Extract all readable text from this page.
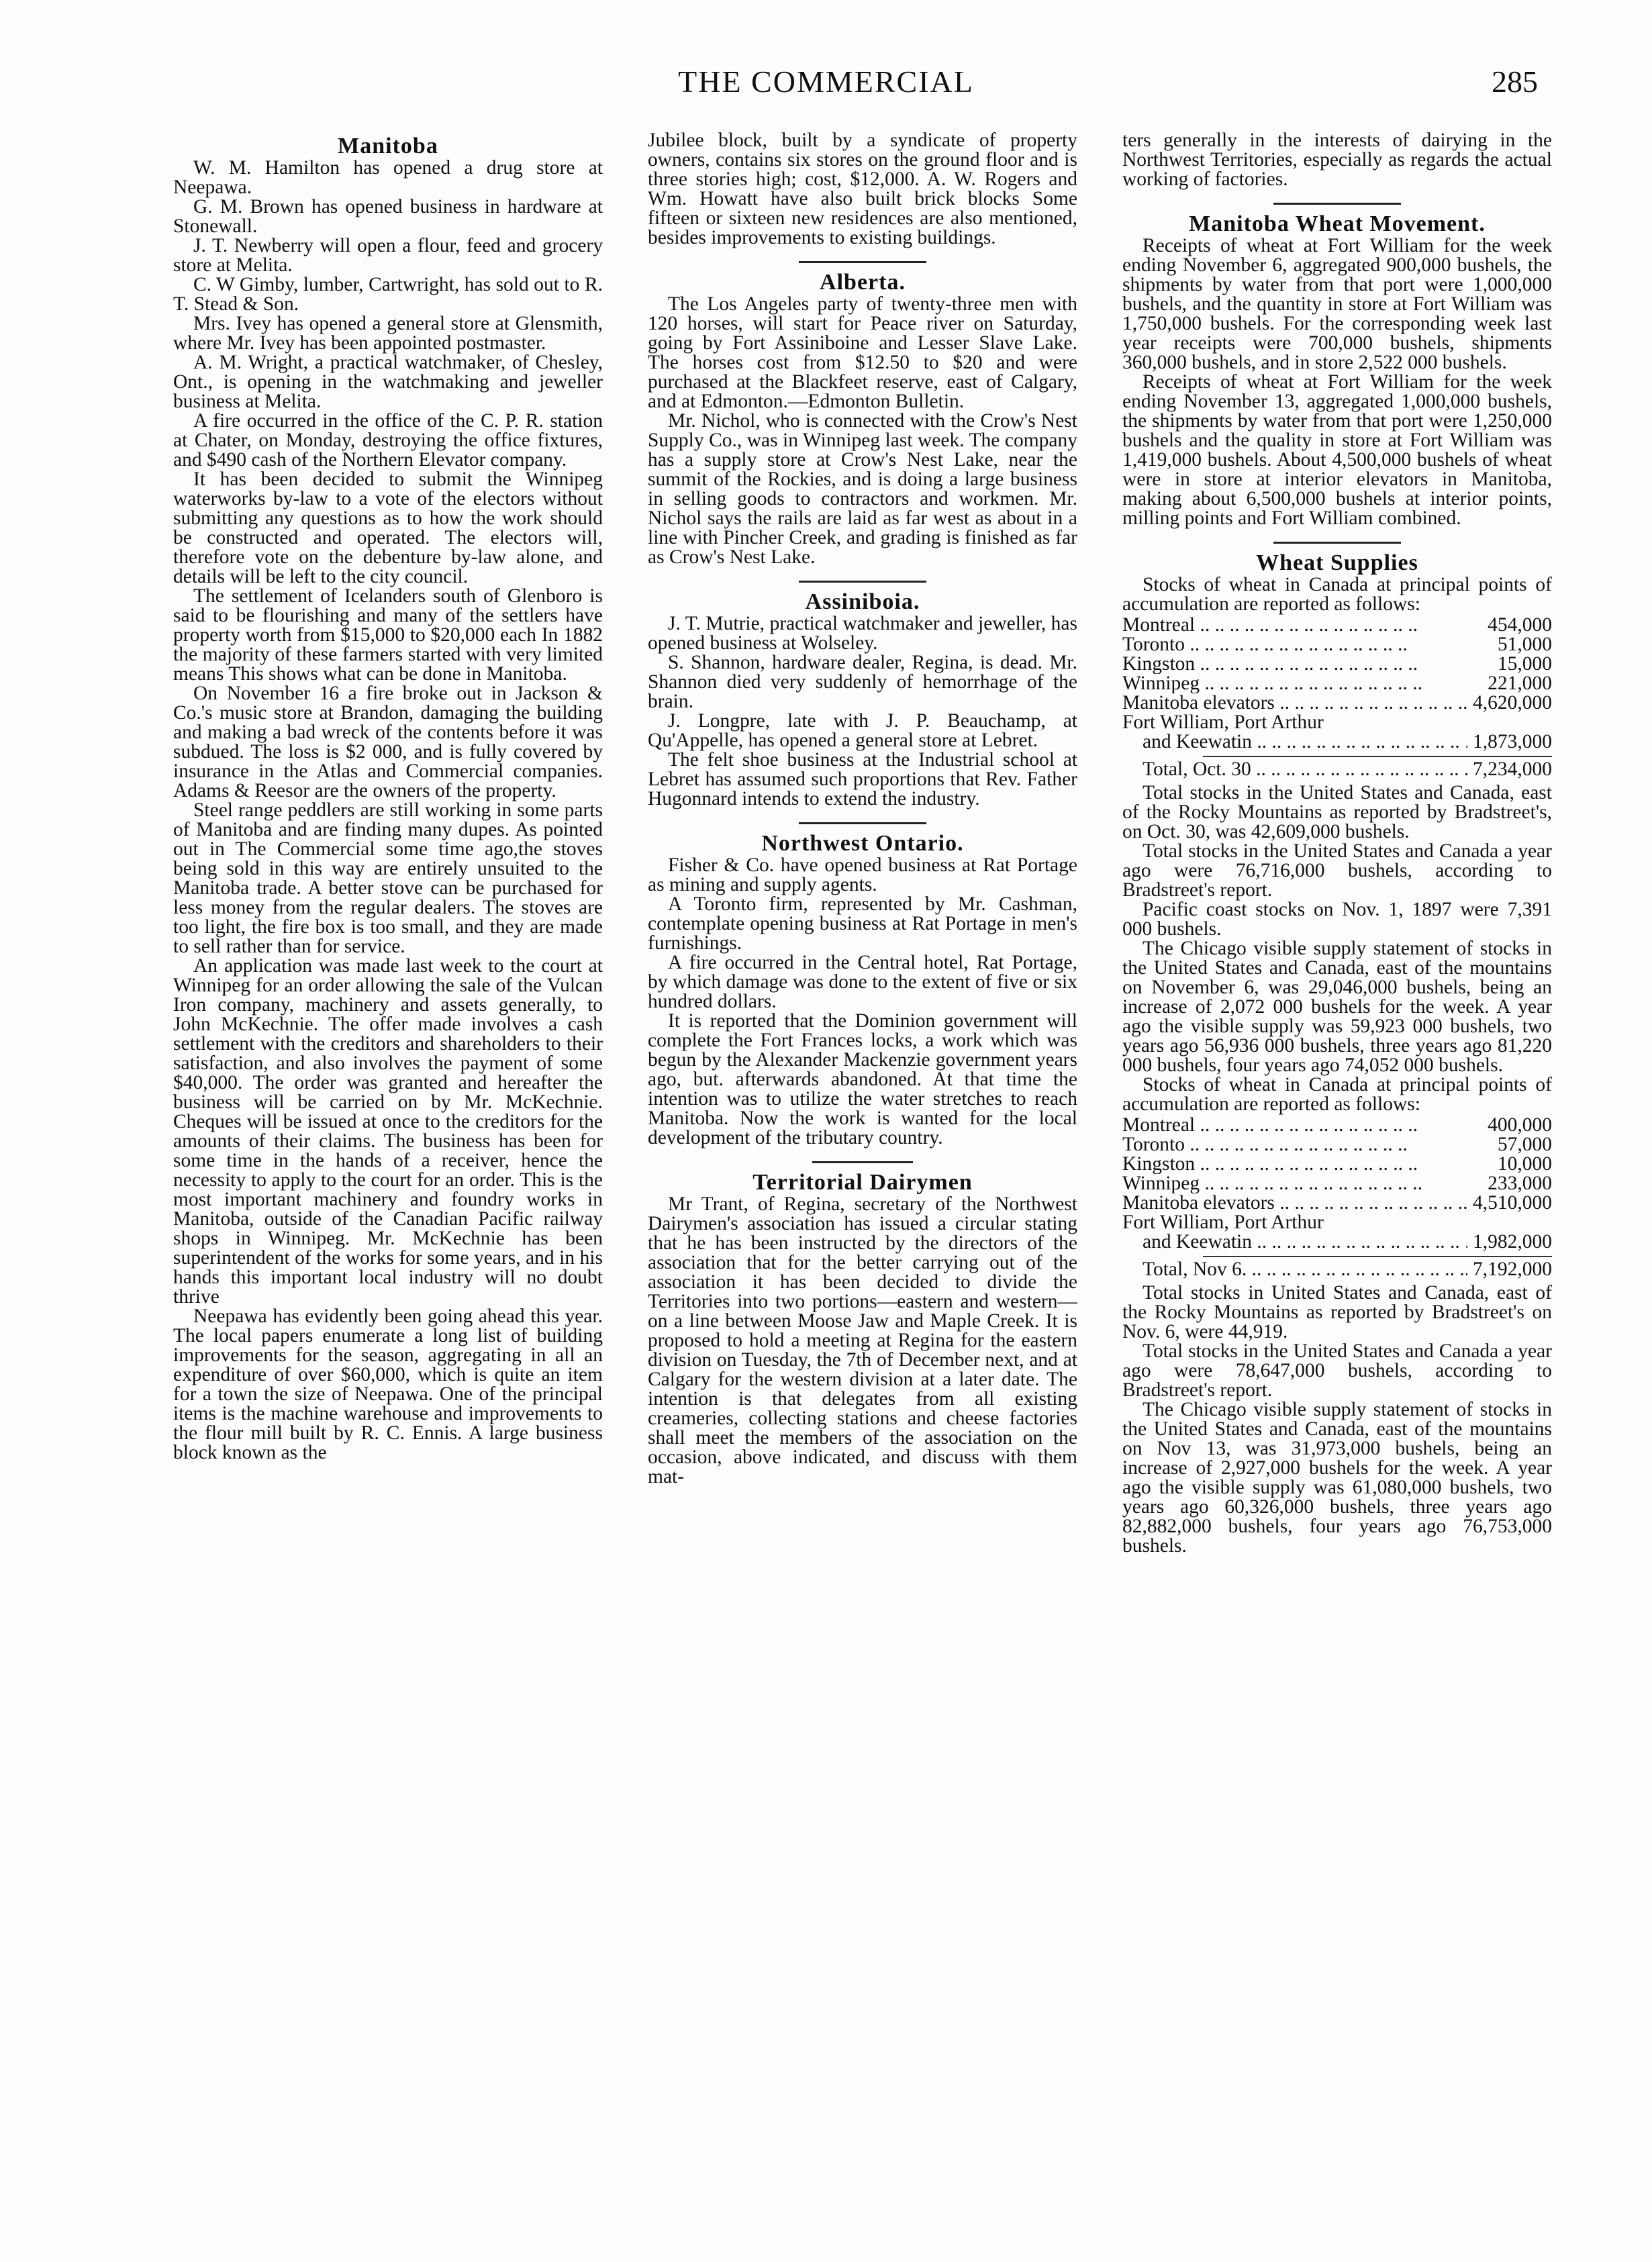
THE COMMERCIAL	285
Manitoba

W. M. Hamilton has opened a drug store at Neepawa.

G. M. Brown has opened business in hardware at Stonewall.

J. T. Newberry will open a flour, feed and grocery store at Melita.

C. W Gimby, lumber, Cartwright, has sold out to R. T. Stead & Son.

Mrs. Ivey has opened a general store at Glensmith, where Mr. Ivey has been appointed postmaster.

A. M. Wright, a practical watchmaker, of Chesley, Ont., is opening in the watchmaking and jeweller business at Melita.

A fire occurred in the office of the C. P. R. station at Chater, on Monday, destroying the office fixtures, and $490 cash of the Northern Elevator company.

It has been decided to submit the Winnipeg waterworks by-law to a vote of the electors without submitting any questions as to how the work should be constructed and operated. The electors will, therefore vote on the debenture by-law alone, and details will be left to the city council.

The settlement of Icelanders south of Glenboro is said to be flourishing and many of the settlers have property worth from $15,000 to $20,000 each In 1882 the majority of these farmers started with very limited means This shows what can be done in Manitoba.

On November 16 a fire broke out in Jackson & Co.'s music store at Brandon, damaging the building and making a bad wreck of the contents before it was subdued. The loss is $2 000, and is fully covered by insurance in the Atlas and Commercial companies. Adams & Reesor are the owners of the property.

Steel range peddlers are still working in some parts of Manitoba and are finding many dupes. As pointed out in The Commercial some time ago,the stoves being sold in this way are entirely unsuited to the Manitoba trade. A better stove can be purchased for less money from the regular dealers. The stoves are too light, the fire box is too small, and they are made to sell rather than for service.

An application was made last week to the court at Winnipeg for an order allowing the sale of the Vulcan Iron company, machinery and assets generally, to John McKechnie. The offer made involves a cash settlement with the creditors and shareholders to their satisfaction, and also involves the payment of some $40,000. The order was granted and hereafter the business will be carried on by Mr. McKechnie. Cheques will be issued at once to the creditors for the amounts of their claims. The business has been for some time in the hands of a receiver, hence the necessity to apply to the court for an order. This is the most important machinery and foundry works in Manitoba, outside of the Canadian Pacific railway shops in Winnipeg. Mr. McKechnie has been superintendent of the works for some years, and in his hands this important local industry will no doubt thrive

Neepawa has evidently been going ahead this year. The local papers enumerate a long list of building improvements for the season, aggregating in all an expenditure of over $60,000, which is quite an item for a town the size of Neepawa. One of the principal items is the machine warehouse and improvements to the flour mill built by R. C. Ennis. A large business block known as the

Jubilee block, built by a syndicate of property owners, contains six stores on the ground floor and is three stories high; cost, $12,000. A. W. Rogers and Wm. Howatt have also built brick blocks Some fifteen or sixteen new residences are also mentioned, besides improvements to existing buildings.

Alberta.

The Los Angeles party of twenty-three men with 120 horses, will start for Peace river on Saturday, going by Fort Assiniboine and Lesser Slave Lake. The horses cost from $12.50 to $20 and were purchased at the Blackfeet reserve, east of Calgary, and at Edmonton.—Edmonton Bulletin.

Mr. Nichol, who is connected with the Crow's Nest Supply Co., was in Winnipeg last week. The company has a supply store at Crow's Nest Lake, near the summit of the Rockies, and is doing a large business in selling goods to contractors and workmen. Mr. Nichol says the rails are laid as far west as about in a line with Pincher Creek, and grading is finished as far as Crow's Nest Lake.

Assiniboia.

J. T. Mutrie, practical watchmaker and jeweller, has opened business at Wolseley.

S. Shannon, hardware dealer, Regina, is dead. Mr. Shannon died very suddenly of hemorrhage of the brain.

J. Longpre, late with J. P. Beauchamp, at Qu'Appelle, has opened a general store at Lebret.

The felt shoe business at the Industrial school at Lebret has assumed such proportions that Rev. Father Hugonnard intends to extend the industry.

Northwest Ontario.

Fisher & Co. have opened business at Rat Portage as mining and supply agents.

A Toronto firm, represented by Mr. Cashman, contemplate opening business at Rat Portage in men's furnishings.

A fire occurred in the Central hotel, Rat Portage, by which damage was done to the extent of five or six hundred dollars.

It is reported that the Dominion government will complete the Fort Frances locks, a work which was begun by the Alexander Mackenzie government years ago, but. afterwards abandoned. At that time the intention was to utilize the water stretches to reach Manitoba. Now the work is wanted for the local development of the tributary country.

Territorial Dairymen

Mr Trant, of Regina, secretary of the Northwest Dairymen's association has issued a circular stating that he has been instructed by the directors of the association that for the better carrying out of the association it has been decided to divide the Territories into two portions—eastern and western—on a line between Moose Jaw and Maple Creek. It is proposed to hold a meeting at Regina for the eastern division on Tuesday, the 7th of December next, and at Calgary for the western division at a later date. The intention is that delegates from all existing creameries, collecting stations and cheese factories shall meet the members of the association on the occasion, above indicated, and discuss with them mat-

ters generally in the interests of dairying in the Northwest Territories, especially as regards the actual working of factories.

Manitoba Wheat Movement.

Receipts of wheat at Fort William for the week ending November 6, aggregated 900,000 bushels, the shipments by water from that port were 1,000,000 bushels, and the quantity in store at Fort William was 1,750,000 bushels. For the corresponding week last year receipts were 700,000 bushels, shipments 360,000 bushels, and in store 2,522 000 bushels.

Receipts of wheat at Fort William for the week ending November 13, aggregated 1,000,000 bushels, the shipments by water from that port were 1,250,000 bushels and the quality in store at Fort William was 1,419,000 bushels. About 4,500,000 bushels of wheat were in store at interior elevators in Manitoba, making about 6,500,000 bushels at interior points, milling points and Fort William combined.

Wheat Supplies

Stocks of wheat in Canada at principal points of accumulation are reported as follows:

Montreal .. ..	454,000
Toronto .. ..	51,000
Kingston .. ..	15,000
Winnipeg .. ..	221,000
Manitoba elevators .. ..	4,620,000
Fort William, Port Arthur
and Keewatin .. ..	1,873,000
Total, Oct. 30 .. ..	7,234,000

Total stocks in the United States and Canada, east of the Rocky Mountains as reported by Bradstreet's, on Oct. 30, was 42,609,000 bushels.

Total stocks in the United States and Canada a year ago were 76,716,000 bushels, according to Bradstreet's report.

Pacific coast stocks on Nov. 1, 1897 were 7,391 000 bushels.

The Chicago visible supply statement of stocks in the United States and Canada, east of the mountains on November 6, was 29,046,000 bushels, being an increase of 2,072 000 bushels for the week. A year ago the visible supply was 59,923 000 bushels, two years ago 56,936 000 bushels, three years ago 81,220 000 bushels, four years ago 74,052 000 bushels.

Stocks of wheat in Canada at principal points of accumulation are reported as follows:

Montreal .. ..	400,000
Toronto .. ..	57,000
Kingston .. ..	10,000
Winnipeg .. ..	233,000
Manitoba elevators .. ..	4,510,000
Fort William, Port Arthur
and Keewatin .. ..	1,982,000
Total, Nov 6. .. ..	7,192,000

Total stocks in United States and Canada, east of the Rocky Mountains as reported by Bradstreet's on Nov. 6, were 44,919.

Total stocks in the United States and Canada a year ago were 78,647,000 bushels, according to Bradstreet's report.

The Chicago visible supply statement of stocks in the United States and Canada, east of the mountains on Nov 13, was 31,973,000 bushels, being an increase of 2,927,000 bushels for the week. A year ago the visible supply was 61,080,000 bushels, two years ago 60,326,000 bushels, three years ago 82,882,000 bushels, four years ago 76,753,000 bushels.
